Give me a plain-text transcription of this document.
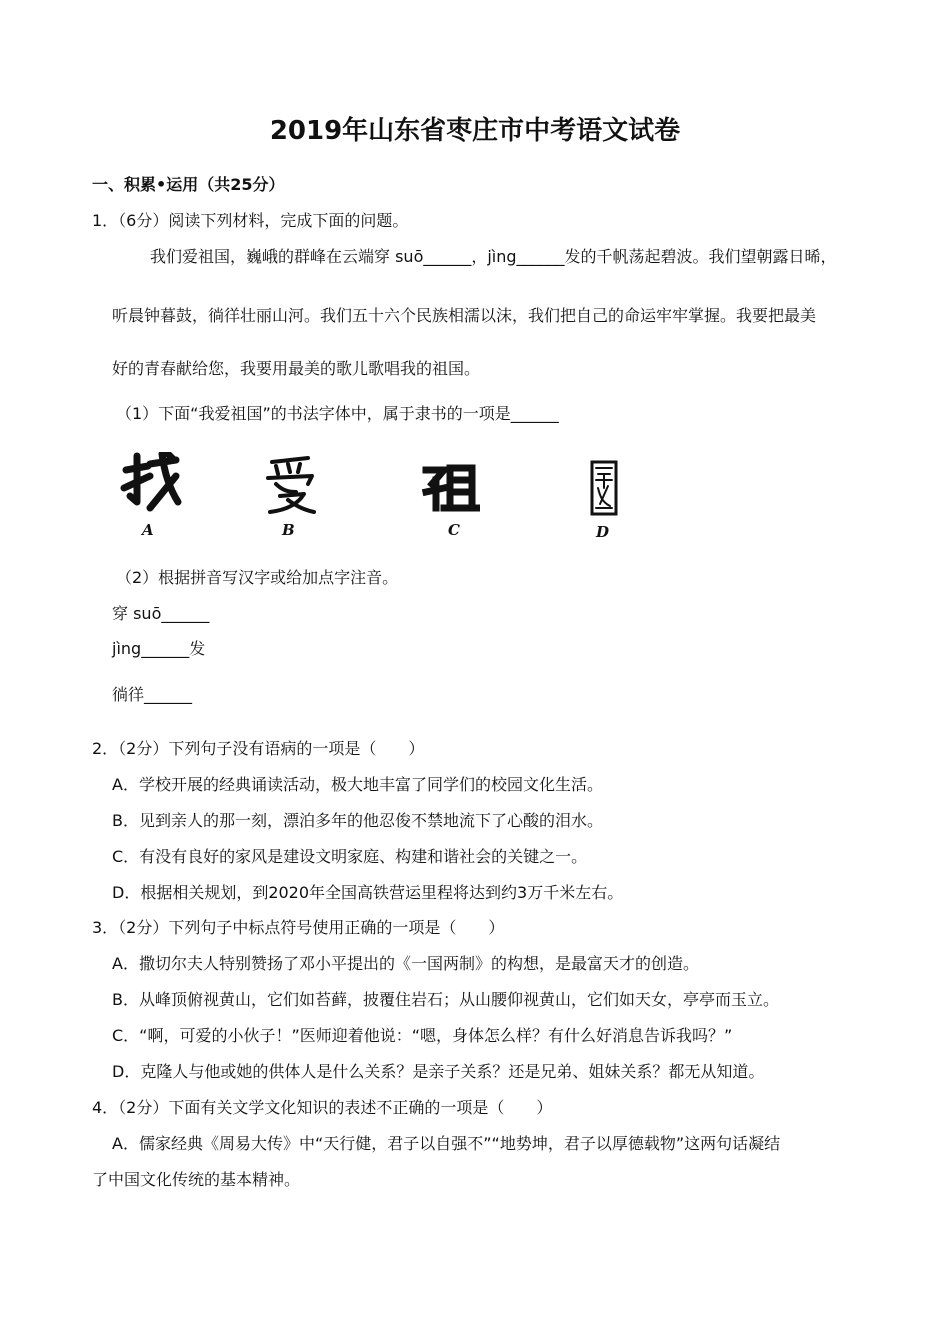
2019年山东省枣庄市中考语文试卷
一、积累•运用（共25分）
1．（6分）阅读下列材料，完成下面的问题。
我们爱祖国，巍峨的群峰在云端穿 suō______，jìng______发的千帆荡起碧波。我们望朝露日晞，
听晨钟暮鼓，徜徉壮丽山河。我们五十六个民族相濡以沫，我们把自己的命运牢牢掌握。我要把最美
好的青春献给您，我要用最美的歌儿歌唱我的祖国。
（1）下面“我爱祖国”的书法字体中，属于隶书的一项是______
A	B	C	D
（2）根据拼音写汉字或给加点字注音。
穿 suō______
jìng______发
徜徉______
2．（2分）下列句子没有语病的一项是（　　）
A．学校开展的经典诵读活动，极大地丰富了同学们的校园文化生活。
B．见到亲人的那一刻，漂泊多年的他忍俊不禁地流下了心酸的泪水。
C．有没有良好的家风是建设文明家庭、构建和谐社会的关键之一。
D．根据相关规划，到2020年全国高铁营运里程将达到约3万千米左右。
3．（2分）下列句子中标点符号使用正确的一项是（　　）
A．撒切尔夫人特别赞扬了邓小平提出的《一国两制》的构想，是最富天才的创造。
B．从峰顶俯视黄山，它们如苔藓，披覆住岩石；从山腰仰视黄山，它们如天女，亭亭而玉立。
C．“啊，可爱的小伙子！”医师迎着他说：“嗯，身体怎么样？有什么好消息告诉我吗？”
D．克隆人与他或她的供体人是什么关系？是亲子关系？还是兄弟、姐妹关系？都无从知道。
4．（2分）下面有关文学文化知识的表述不正确的一项是（　　）
A．儒家经典《周易大传》中“天行健，君子以自强不”“地势坤，君子以厚德载物”这两句话凝结
了中国文化传统的基本精神。
